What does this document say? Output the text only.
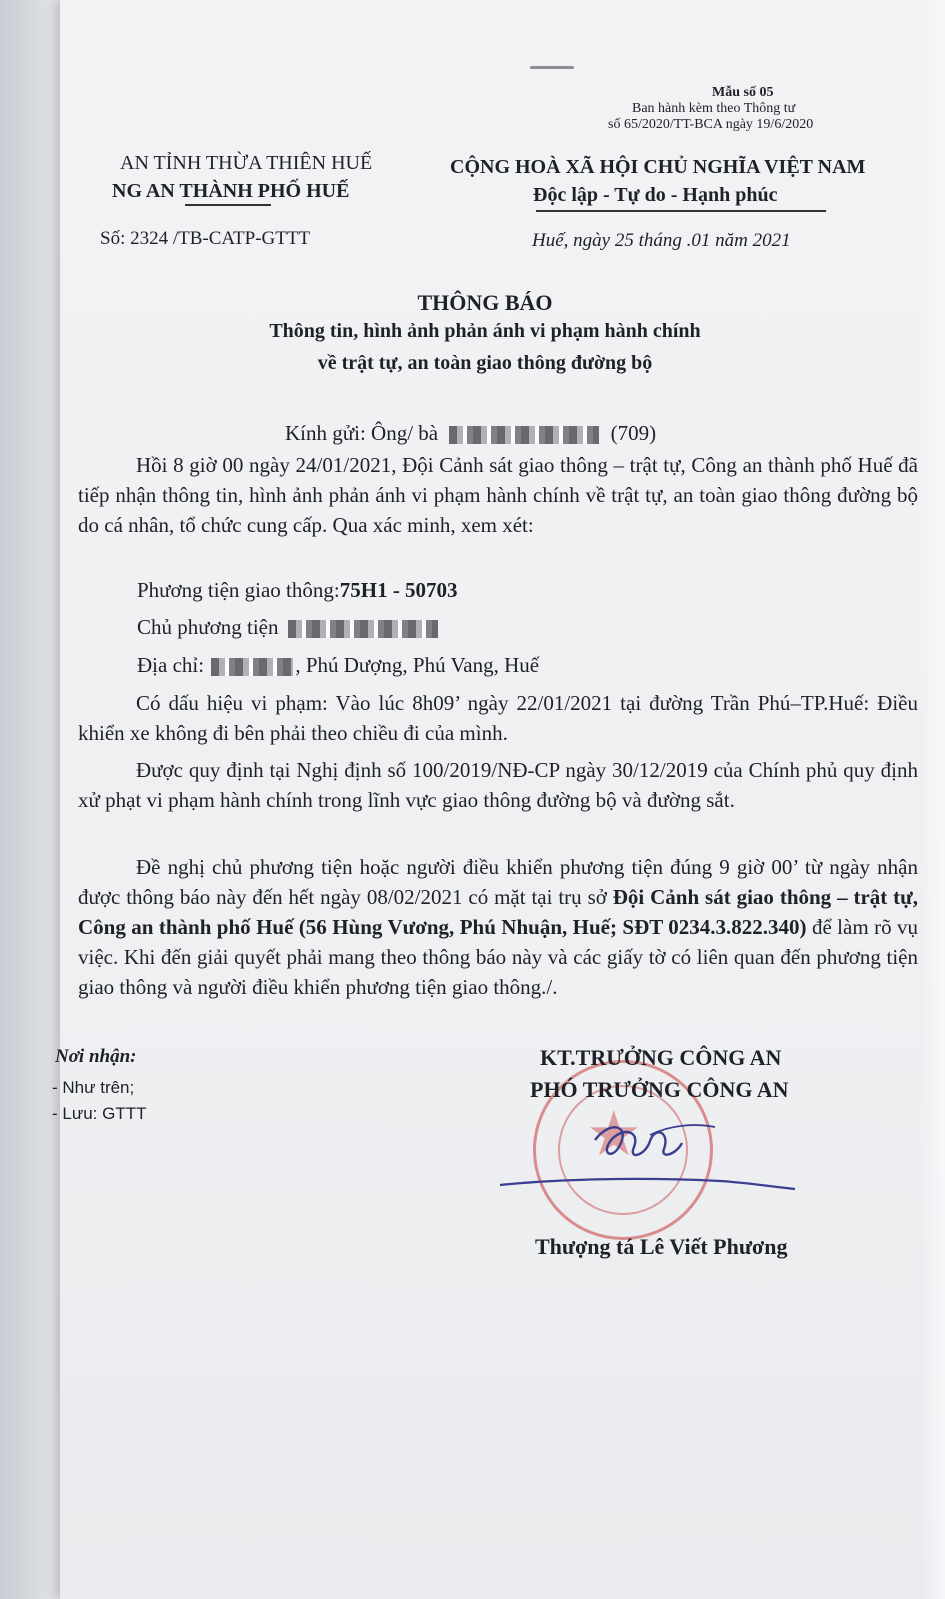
Mẫu số 05
Ban hành kèm theo Thông tư
số 65/2020/TT-BCA ngày 19/6/2020
AN TỈNH THỪA THIÊN HUẾ
NG AN THÀNH PHỐ HUẾ
CỘNG HOÀ XÃ HỘI CHỦ NGHĨA VIỆT NAM
Độc lập - Tự do - Hạnh phúc
Số: 2324 /TB-CATP-GTTT	Huế, ngày 25 tháng .01 năm 2021
THÔNG BÁO
Thông tin, hình ảnh phản ánh vi phạm hành chính
về trật tự, an toàn giao thông đường bộ
Kính gửi: Ông/ bà	(709)
Hồi 8 giờ 00 ngày 24/01/2021, Đội Cảnh sát giao thông – trật tự, Công an thành phố Huế đã tiếp nhận thông tin, hình ảnh phản ánh vi phạm hành chính về trật tự, an toàn giao thông đường bộ do cá nhân, tổ chức cung cấp. Qua xác minh, xem xét:
Phương tiện giao thông:75H1 - 50703
Chủ phương tiện
Địa chỉ:	, Phú Dượng, Phú Vang, Huế
Có dấu hiệu vi phạm: Vào lúc 8h09’ ngày 22/01/2021 tại đường Trần Phú–TP.Huế: Điều khiển xe không đi bên phải theo chiều đi của mình.
Được quy định tại Nghị định số 100/2019/NĐ-CP ngày 30/12/2019 của Chính phủ quy định xử phạt vi phạm hành chính trong lĩnh vực giao thông đường bộ và đường sắt.
Đề nghị chủ phương tiện hoặc người điều khiển phương tiện đúng 9 giờ 00’ từ ngày nhận được thông báo này đến hết ngày 08/02/2021 có mặt tại trụ sở Đội Cảnh sát giao thông – trật tự, Công an thành phố Huế (56 Hùng Vương, Phú Nhuận, Huế; SĐT 0234.3.822.340) để làm rõ vụ việc. Khi đến giải quyết phải mang theo thông báo này và các giấy tờ có liên quan đến phương tiện giao thông và người điều khiển phương tiện giao thông./.
Nơi nhận:
- Như trên;
- Lưu: GTTT	★
KT.TRƯỞNG CÔNG AN
PHÓ TRƯỞNG CÔNG AN
Thượng tá Lê Viết Phương
